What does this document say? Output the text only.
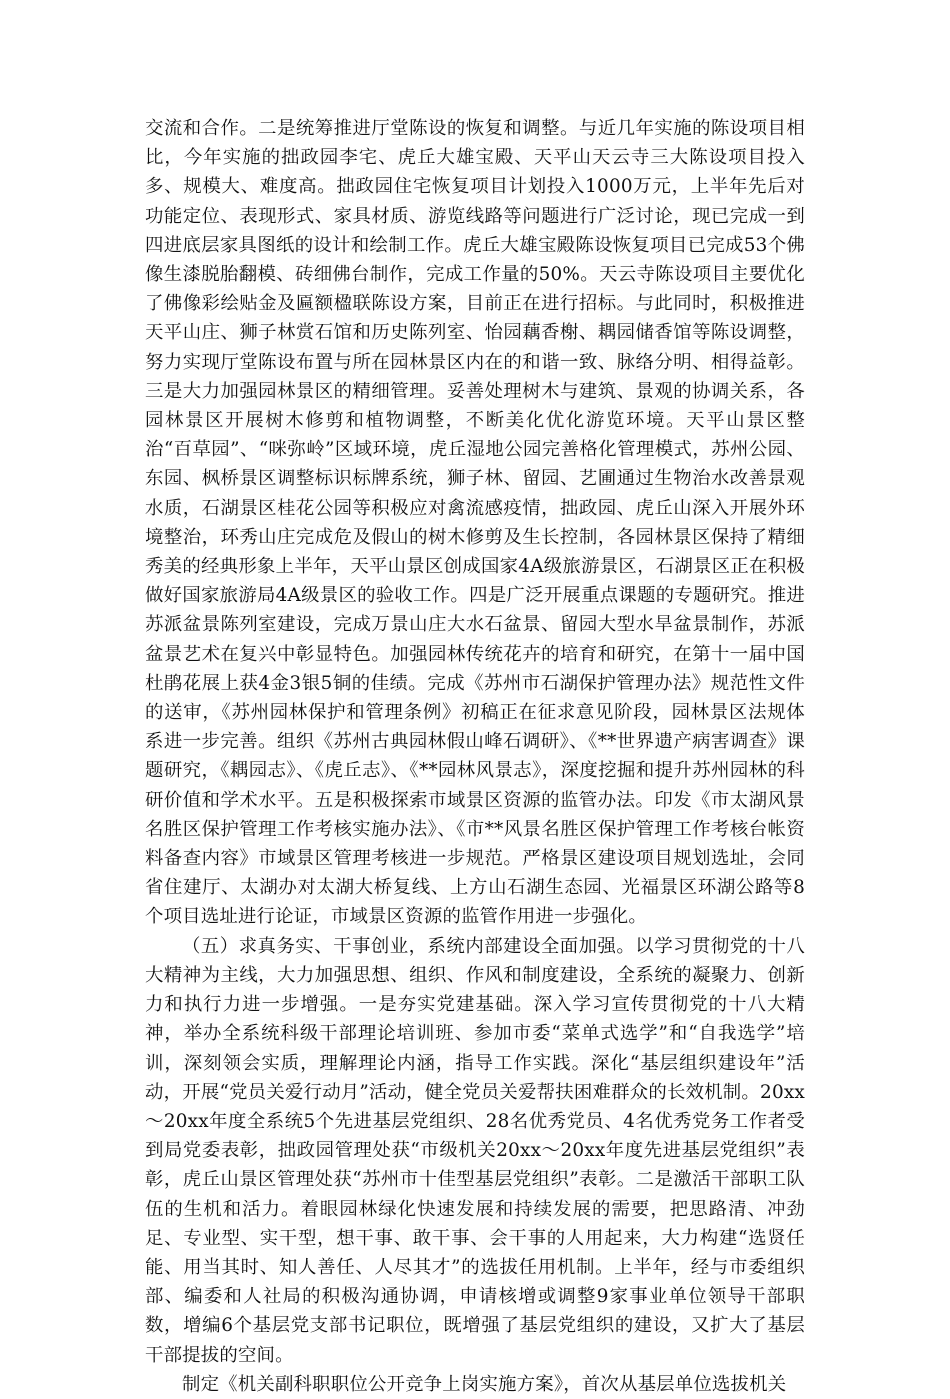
交流和合作。二是统筹推进厅堂陈设的恢复和调整。与近几年实施的陈设项目相比，今年实施的拙政园李宅、虎丘大雄宝殿、天平山天云寺三大陈设项目投入多、规模大、难度高。拙政园住宅恢复项目计划投入1000万元，上半年先后对功能定位、表现形式、家具材质、游览线路等问题进行广泛讨论，现已完成一到四进底层家具图纸的设计和绘制工作。虎丘大雄宝殿陈设恢复项目已完成53个佛像生漆脱胎翻模、砖细佛台制作，完成工作量的50%。天云寺陈设项目主要优化了佛像彩绘贴金及匾额楹联陈设方案，目前正在进行招标。与此同时，积极推进天平山庄、狮子林赏石馆和历史陈列室、怡园藕香榭、耦园储香馆等陈设调整，努力实现厅堂陈设布置与所在园林景区内在的和谐一致、脉络分明、相得益彰。三是大力加强园林景区的精细管理。妥善处理树木与建筑、景观的协调关系，各园林景区开展树木修剪和植物调整，不断美化优化游览环境。天平山景区整治“百草园”、“咪弥岭”区域环境，虎丘湿地公园完善格化管理模式，苏州公园、东园、枫桥景区调整标识标牌系统，狮子林、留园、艺圃通过生物治水改善景观水质，石湖景区桂花公园等积极应对禽流感疫情，拙政园、虎丘山深入开展外环境整治，环秀山庄完成危及假山的树木修剪及生长控制，各园林景区保持了精细秀美的经典形象上半年，天平山景区创成国家4A级旅游景区，石湖景区正在积极做好国家旅游局4A级景区的验收工作。四是广泛开展重点课题的专题研究。推进苏派盆景陈列室建设，完成万景山庄大水石盆景、留园大型水旱盆景制作，苏派盆景艺术在复兴中彰显特色。加强园林传统花卉的培育和研究，在第十一届中国杜鹃花展上获4金3银5铜的佳绩。完成《苏州市石湖保护管理办法》规范性文件的送审，《苏州园林保护和管理条例》初稿正在征求意见阶段，园林景区法规体系进一步完善。组织《苏州古典园林假山峰石调研》、《**世界遗产病害调查》课题研究，《耦园志》、《虎丘志》、《**园林风景志》，深度挖掘和提升苏州园林的科研价值和学术水平。五是积极探索市域景区资源的监管办法。印发《市太湖风景名胜区保护管理工作考核实施办法》、《市**风景名胜区保护管理工作考核台帐资料备查内容》市域景区管理考核进一步规范。严格景区建设项目规划选址，会同省住建厅、太湖办对太湖大桥复线、上方山石湖生态园、光福景区环湖公路等8个项目选址进行论证，市域景区资源的监管作用进一步强化。

（五）求真务实、干事创业，系统内部建设全面加强。以学习贯彻党的十八大精神为主线，大力加强思想、组织、作风和制度建设，全系统的凝聚力、创新力和执行力进一步增强。一是夯实党建基础。深入学习宣传贯彻党的十八大精神，举办全系统科级干部理论培训班、参加市委“菜单式选学”和“自我选学”培训，深刻领会实质，理解理论内涵，指导工作实践。深化“基层组织建设年”活动，开展“党员关爱行动月”活动，健全党员关爱帮扶困难群众的长效机制。20xx～20xx年度全系统5个先进基层党组织、28名优秀党员、4名优秀党务工作者受到局党委表彰，拙政园管理处获“市级机关20xx～20xx年度先进基层党组织”表彰，虎丘山景区管理处获“苏州市十佳型基层党组织”表彰。二是激活干部职工队伍的生机和活力。着眼园林绿化快速发展和持续发展的需要，把思路清、冲劲足、专业型、实干型，想干事、敢干事、会干事的人用起来，大力构建“选贤任能、用当其时、知人善任、人尽其才”的选拔任用机制。上半年，经与市委组织部、编委和人社局的积极沟通协调，申请核增或调整9家事业单位领导干部职数，增编6个基层党支部书记职位，既增强了基层党组织的建设，又扩大了基层干部提拔的空间。

制定《机关副科职职位公开竞争上岗实施方案》，首次从基层单位选拔机关
